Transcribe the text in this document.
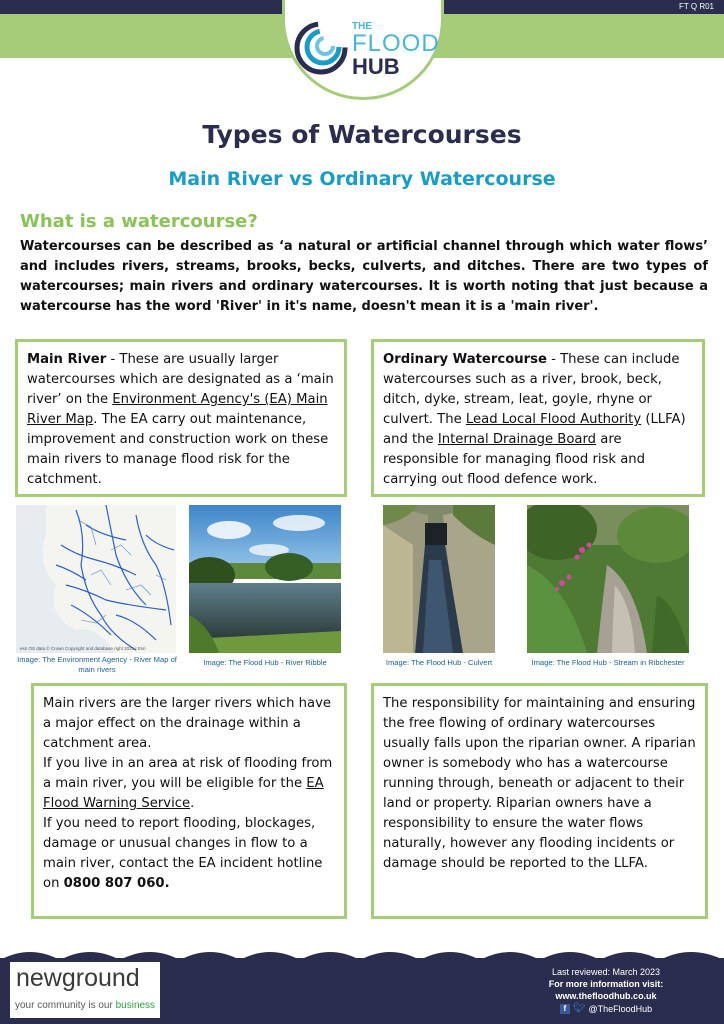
FT Q R01
THE
FLOOD
HUB
Types of Watercourses
Main River vs Ordinary Watercourse
What is a watercourse?

Watercourses can be described as ‘a natural or artificial channel through which water flows’ and includes rivers, streams, brooks, becks, culverts, and ditches. There are two types of watercourses; main rivers and ordinary watercourses. It is worth noting that just because a watercourse has the word 'River' in it's name, doesn't mean it is a 'main river'.

Main River - These are usually larger watercourses which are designated as a ‘main river’ on the Environment Agency's (EA) Main River Map. The EA carry out maintenance, improvement and construction work on these main rivers to manage flood risk for the catchment.
Ordinary Watercourse - These can include watercourses such as a river, brook, beck, ditch, dyke, stream, leat, goyle, rhyne or culvert. The Lead Local Flood Authority (LLFA) and the Internal Drainage Board are responsible for managing flood risk and carrying out flood defence work.
esri OS data © Crown Copyright and database right 2021 | Esri
Image: The Environment Agency - River Map of main rivers
Image: The Flood Hub - River Ribble	Image: The Flood Hub - Culvert	Image: The Flood Hub - Stream in Ribchester
Main rivers are the larger rivers which have a major effect on the drainage within a catchment area.
If you live in an area at risk of flooding from a main river, you will be eligible for the EA Flood Warning Service.
If you need to report flooding, blockages, damage or unusual changes in flow to a main river, contact the EA incident hotline on 0800 807 060.
The responsibility for maintaining and ensuring the free flowing of ordinary watercourses usually falls upon the riparian owner. A riparian owner is somebody who has a watercourse running through, beneath or adjacent to their land or property. Riparian owners have a responsibility to ensure the water flows naturally, however any flooding incidents or damage should be reported to the LLFA.
newground
your community is our business
Last reviewed: March 2023
For more information visit:
www.thefloodhub.co.uk
f 🐦︎ @TheFloodHub
